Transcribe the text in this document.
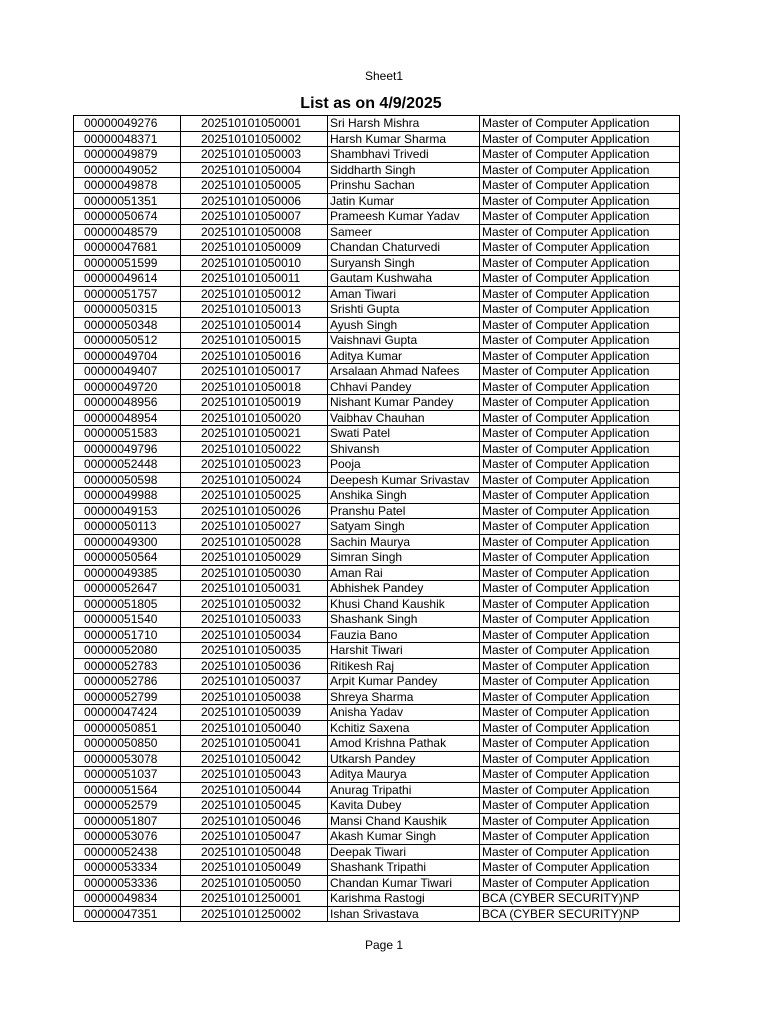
Sheet1
List as on 4/9/2025
00000049276	202510101050001	Sri Harsh Mishra	Master of Computer Application
00000048371	202510101050002	Harsh Kumar Sharma	Master of Computer Application
00000049879	202510101050003	Shambhavi Trivedi	Master of Computer Application
00000049052	202510101050004	Siddharth Singh	Master of Computer Application
00000049878	202510101050005	Prinshu Sachan	Master of Computer Application
00000051351	202510101050006	Jatin Kumar	Master of Computer Application
00000050674	202510101050007	Prameesh Kumar Yadav	Master of Computer Application
00000048579	202510101050008	Sameer	Master of Computer Application
00000047681	202510101050009	Chandan Chaturvedi	Master of Computer Application
00000051599	202510101050010	Suryansh Singh	Master of Computer Application
00000049614	202510101050011	Gautam Kushwaha	Master of Computer Application
00000051757	202510101050012	Aman Tiwari	Master of Computer Application
00000050315	202510101050013	Srishti Gupta	Master of Computer Application
00000050348	202510101050014	Ayush Singh	Master of Computer Application
00000050512	202510101050015	Vaishnavi Gupta	Master of Computer Application
00000049704	202510101050016	Aditya Kumar	Master of Computer Application
00000049407	202510101050017	Arsalaan Ahmad Nafees	Master of Computer Application
00000049720	202510101050018	Chhavi Pandey	Master of Computer Application
00000048956	202510101050019	Nishant Kumar Pandey	Master of Computer Application
00000048954	202510101050020	Vaibhav Chauhan	Master of Computer Application
00000051583	202510101050021	Swati Patel	Master of Computer Application
00000049796	202510101050022	Shivansh	Master of Computer Application
00000052448	202510101050023	Pooja	Master of Computer Application
00000050598	202510101050024	Deepesh Kumar Srivastav	Master of Computer Application
00000049988	202510101050025	Anshika Singh	Master of Computer Application
00000049153	202510101050026	Pranshu Patel	Master of Computer Application
00000050113	202510101050027	Satyam Singh	Master of Computer Application
00000049300	202510101050028	Sachin Maurya	Master of Computer Application
00000050564	202510101050029	Simran Singh	Master of Computer Application
00000049385	202510101050030	Aman Rai	Master of Computer Application
00000052647	202510101050031	Abhishek Pandey	Master of Computer Application
00000051805	202510101050032	Khusi Chand Kaushik	Master of Computer Application
00000051540	202510101050033	Shashank Singh	Master of Computer Application
00000051710	202510101050034	Fauzia Bano	Master of Computer Application
00000052080	202510101050035	Harshit Tiwari	Master of Computer Application
00000052783	202510101050036	Ritikesh Raj	Master of Computer Application
00000052786	202510101050037	Arpit Kumar Pandey	Master of Computer Application
00000052799	202510101050038	Shreya Sharma	Master of Computer Application
00000047424	202510101050039	Anisha Yadav	Master of Computer Application
00000050851	202510101050040	Kchitiz Saxena	Master of Computer Application
00000050850	202510101050041	Amod Krishna Pathak	Master of Computer Application
00000053078	202510101050042	Utkarsh Pandey	Master of Computer Application
00000051037	202510101050043	Aditya Maurya	Master of Computer Application
00000051564	202510101050044	Anurag Tripathi	Master of Computer Application
00000052579	202510101050045	Kavita Dubey	Master of Computer Application
00000051807	202510101050046	Mansi Chand Kaushik	Master of Computer Application
00000053076	202510101050047	Akash Kumar Singh	Master of Computer Application
00000052438	202510101050048	Deepak Tiwari	Master of Computer Application
00000053334	202510101050049	Shashank Tripathi	Master of Computer Application
00000053336	202510101050050	Chandan Kumar Tiwari	Master of Computer Application
00000049834	202510101250001	Karishma Rastogi	BCA (CYBER SECURITY)NP
00000047351	202510101250002	Ishan Srivastava	BCA (CYBER SECURITY)NP
Page 1
